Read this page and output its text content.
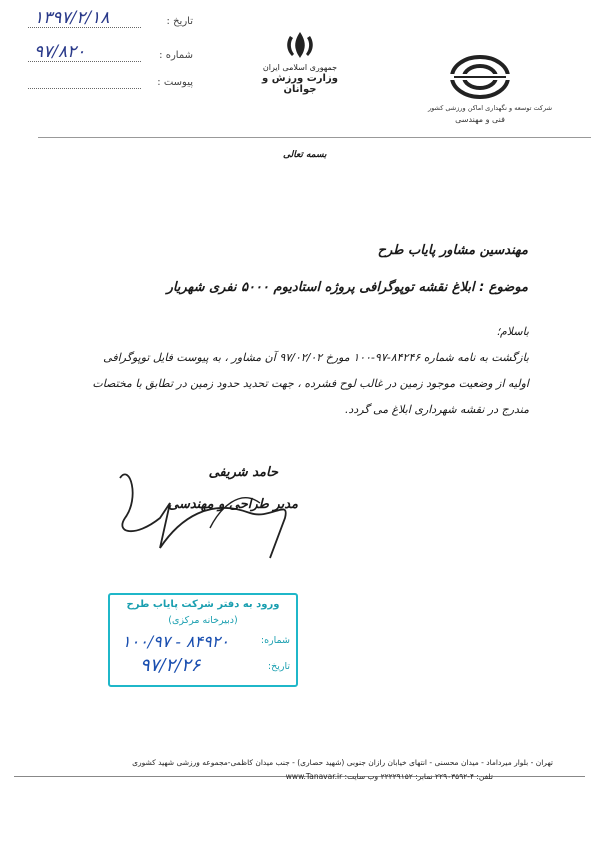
تاریخ :
۱۳۹۷/۲/۱۸
شماره :
۹۷/۸۲۰
پیوست :
جمهوری اسلامی ایران
وزارت ورزش و جوانان
شرکت توسعه و نگهداری اماکن ورزشی کشور
فنی و مهندسی
بسمه تعالی
مهندسین مشاور پایاب طرح
موضوع : ابلاغ نقشه توپوگرافی پروژه استادیوم ۵۰۰۰ نفری شهریار
باسلام؛
بازگشت به نامه شماره ۸۴۲۴۶-۹۷-۱۰۰ مورخ ۹۷/۰۲/۰۲ آن مشاور ، به پیوست فایل توپوگرافی
اولیه از وضعیت موجود زمین در غالب لوح فشرده ، جهت تحدید حدود زمین در تطابق با مختصات
مندرج در نقشه شهرداری ابلاغ می گردد.
حامد شریفی
مدیر طراحی و مهندسی
ورود به دفتر شرکت پایاب طرح
(دبیرخانه مرکزی)
شماره:
۱۰۰/۹۷ - ۸۴۹۲۰
تاریخ:
۹۷/۲/۲۶
تهران - بلوار میرداماد - میدان محسنی - انتهای خیابان رازان جنوبی (شهید حصاری) - جنب میدان کاظمی-مجموعه ورزشی شهید کشوری
تلفن: ۴-۲۲۹۰۳۵۹۲ نمابر: ۲۲۲۲۹۱۵۲ وب سایت: www.Tanavar.ir
